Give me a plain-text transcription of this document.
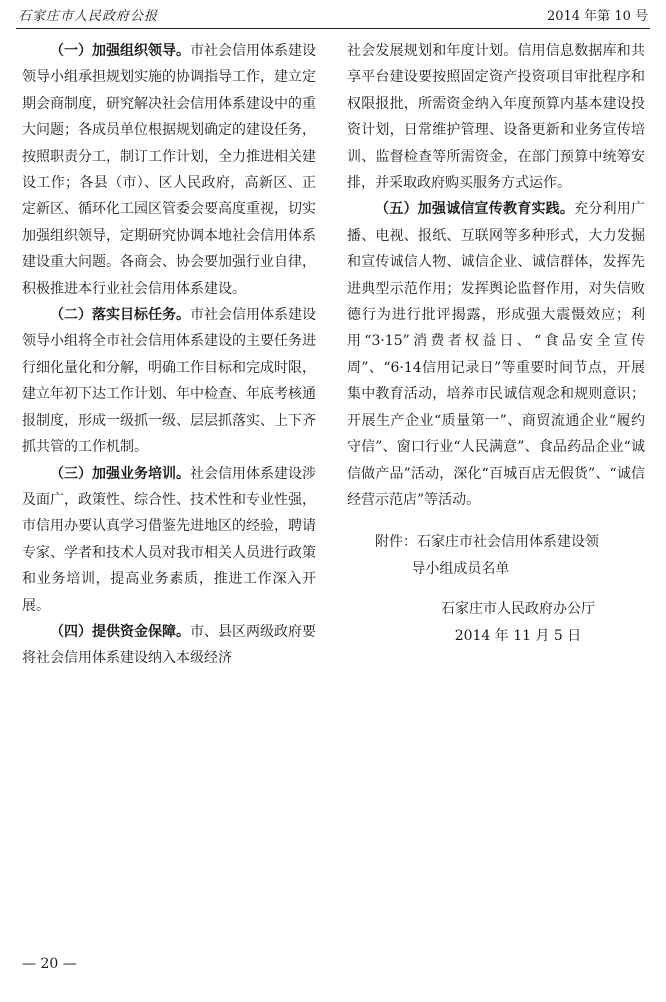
石家庄市人民政府公报	2014 年第 10 号

（一）加强组织领导。市社会信用体系建设领导小组承担规划实施的协调指导工作，建立定期会商制度，研究解决社会信用体系建设中的重大问题；各成员单位根据规划确定的建设任务，按照职责分工，制订工作计划，全力推进相关建设工作；各县（市）、区人民政府，高新区、正定新区、循环化工园区管委会要高度重视，切实加强组织领导，定期研究协调本地社会信用体系建设重大问题。各商会、协会要加强行业自律，积极推进本行业社会信用体系建设。

（二）落实目标任务。市社会信用体系建设领导小组将全市社会信用体系建设的主要任务进行细化量化和分解，明确工作目标和完成时限，建立年初下达工作计划、年中检查、年底考核通报制度，形成一级抓一级、层层抓落实、上下齐抓共管的工作机制。

（三）加强业务培训。社会信用体系建设涉及面广，政策性、综合性、技术性和专业性强，市信用办要认真学习借鉴先进地区的经验，聘请专家、学者和技术人员对我市相关人员进行政策和业务培训，提高业务素质，推进工作深入开展。

（四）提供资金保障。市、县区两级政府要将社会信用体系建设纳入本级经济

社会发展规划和年度计划。信用信息数据库和共享平台建设要按照固定资产投资项目审批程序和权限报批，所需资金纳入年度预算内基本建设投资计划，日常维护管理、设备更新和业务宣传培训、监督检查等所需资金，在部门预算中统筹安排，并采取政府购买服务方式运作。

（五）加强诚信宣传教育实践。充分利用广播、电视、报纸、互联网等多种形式，大力发掘和宣传诚信人物、诚信企业、诚信群体，发挥先进典型示范作用；发挥舆论监督作用，对失信败德行为进行批评揭露，形成强大震慑效应；利用“3·15”消费者权益日、“食品安全宣传周”、“6·14信用记录日”等重要时间节点，开展集中教育活动，培养市民诚信观念和规则意识；开展生产企业“质量第一”、商贸流通企业“履约守信”、窗口行业“人民满意”、食品药品企业“诚信做产品”活动，深化“百城百店无假货”、“诚信经营示范店”等活动。

附件：石家庄市社会信用体系建设领

导小组成员名单

石家庄市人民政府办公厅
2014 年 11 月 5 日
— 20 —
